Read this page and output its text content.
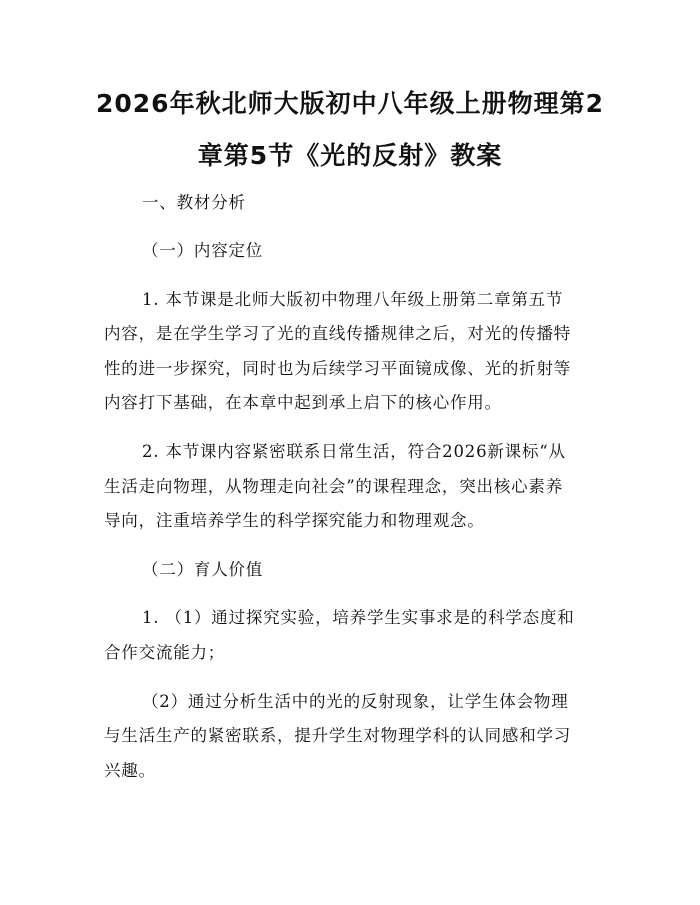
2026年秋北师大版初中八年级上册物理第2
章第5节《光的反射》教案
一、教材分析
（一）内容定位
1. 本节课是北师大版初中物理八年级上册第二章第五节
内容，是在学生学习了光的直线传播规律之后，对光的传播特
性的进一步探究，同时也为后续学习平面镜成像、光的折射等
内容打下基础，在本章中起到承上启下的核心作用。
2. 本节课内容紧密联系日常生活，符合2026新课标“从
生活走向物理，从物理走向社会”的课程理念，突出核心素养
导向，注重培养学生的科学探究能力和物理观念。
（二）育人价值
1. （1）通过探究实验，培养学生实事求是的科学态度和
合作交流能力；
（2）通过分析生活中的光的反射现象，让学生体会物理
与生活生产的紧密联系，提升学生对物理学科的认同感和学习
兴趣。
